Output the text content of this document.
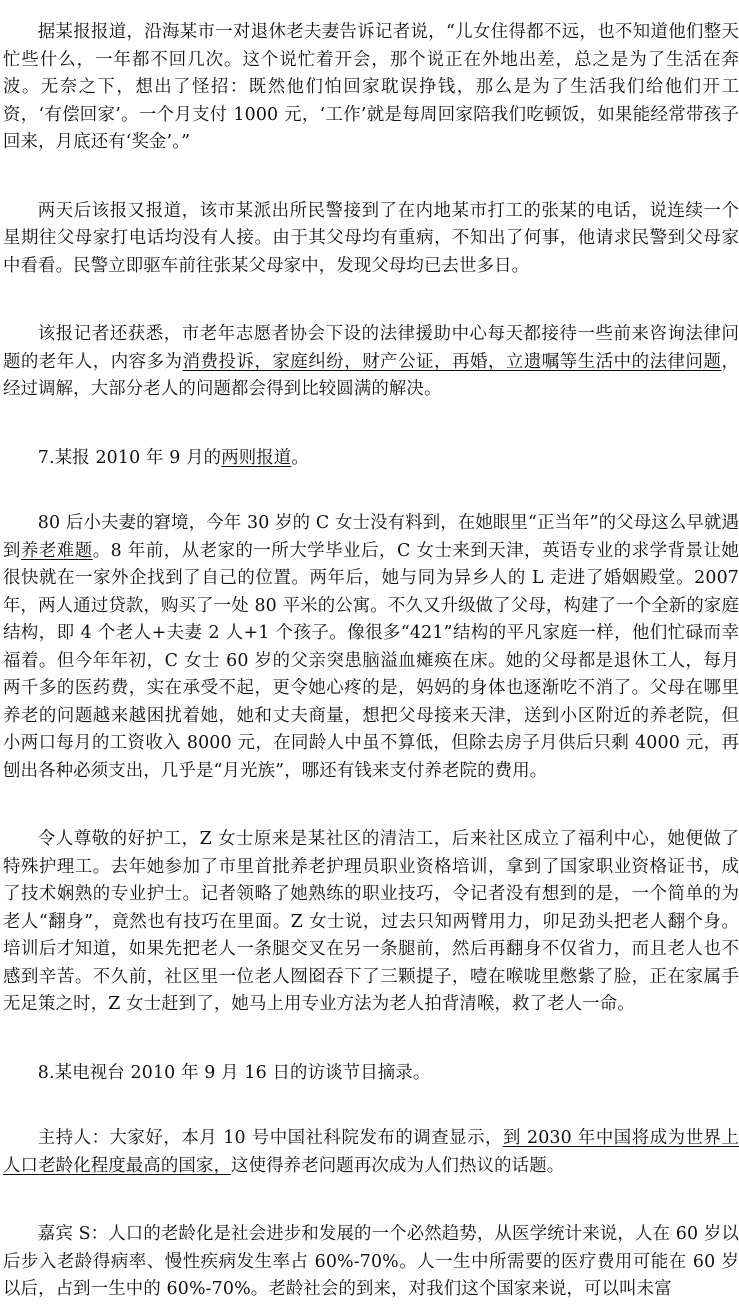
据某报报道，沿海某市一对退休老夫妻告诉记者说，“儿女住得都不远，也不知道他们整天忙些什么，一年都不回几次。这个说忙着开会，那个说正在外地出差，总之是为了生活在奔波。无奈之下，想出了怪招：既然他们怕回家耽误挣钱，那么是为了生活我们给他们开工资，‘有偿回家’。一个月支付 1000 元，‘工作’就是每周回家陪我们吃顿饭，如果能经常带孩子回来，月底还有‘奖金’。”

两天后该报又报道，该市某派出所民警接到了在内地某市打工的张某的电话，说连续一个星期往父母家打电话均没有人接。由于其父母均有重病，不知出了何事，他请求民警到父母家中看看。民警立即驱车前往张某父母家中，发现父母均已去世多日。

该报记者还获悉，市老年志愿者协会下设的法律援助中心每天都接待一些前来咨询法律问题的老年人，内容多为消费投诉，家庭纠纷，财产公证，再婚，立遗嘱等生活中的法律问题，经过调解，大部分老人的问题都会得到比较圆满的解决。

7.某报 2010 年 9 月的两则报道。

80 后小夫妻的窘境，今年 30 岁的 C 女士没有料到，在她眼里“正当年”的父母这么早就遇到养老难题。8 年前，从老家的一所大学毕业后，C 女士来到天津，英语专业的求学背景让她很快就在一家外企找到了自己的位置。两年后，她与同为异乡人的 L 走进了婚姻殿堂。2007 年，两人通过贷款，购买了一处 80 平米的公寓。不久又升级做了父母，构建了一个全新的家庭结构，即 4 个老人+夫妻 2 人+1 个孩子。像很多“421”结构的平凡家庭一样，他们忙碌而幸福着。但今年年初，C 女士 60 岁的父亲突患脑溢血瘫痪在床。她的父母都是退休工人，每月两千多的医药费，实在承受不起，更令她心疼的是，妈妈的身体也逐渐吃不消了。父母在哪里养老的问题越来越困扰着她，她和丈夫商量，想把父母接来天津，送到小区附近的养老院，但小两口每月的工资收入 8000 元，在同龄人中虽不算低，但除去房子月供后只剩 4000 元，再刨出各种必须支出，几乎是“月光族”，哪还有钱来支付养老院的费用。

令人尊敬的好护工，Z 女士原来是某社区的清洁工，后来社区成立了福利中心，她便做了特殊护理工。去年她参加了市里首批养老护理员职业资格培训，拿到了国家职业资格证书，成了技术娴熟的专业护士。记者领略了她熟练的职业技巧，令记者没有想到的是，一个简单的为老人“翻身”，竟然也有技巧在里面。Z 女士说，过去只知两臂用力，卯足劲头把老人翻个身。培训后才知道，如果先把老人一条腿交叉在另一条腿前，然后再翻身不仅省力，而且老人也不感到辛苦。不久前，社区里一位老人囫囵吞下了三颗提子，噎在喉咙里憋紫了脸，正在家属手无足策之时，Z 女士赶到了，她马上用专业方法为老人拍背清喉，救了老人一命。

8.某电视台 2010 年 9 月 16 日的访谈节目摘录。

主持人：大家好，本月 10 号中国社科院发布的调查显示，到 2030 年中国将成为世界上人口老龄化程度最高的国家，这使得养老问题再次成为人们热议的话题。

嘉宾 S：人口的老龄化是社会进步和发展的一个必然趋势，从医学统计来说，人在 60 岁以后步入老龄得病率、慢性疾病发生率占 60%-70%。人一生中所需要的医疗费用可能在 60 岁以后，占到一生中的 60%-70%。老龄社会的到来，对我们这个国家来说，可以叫未富
